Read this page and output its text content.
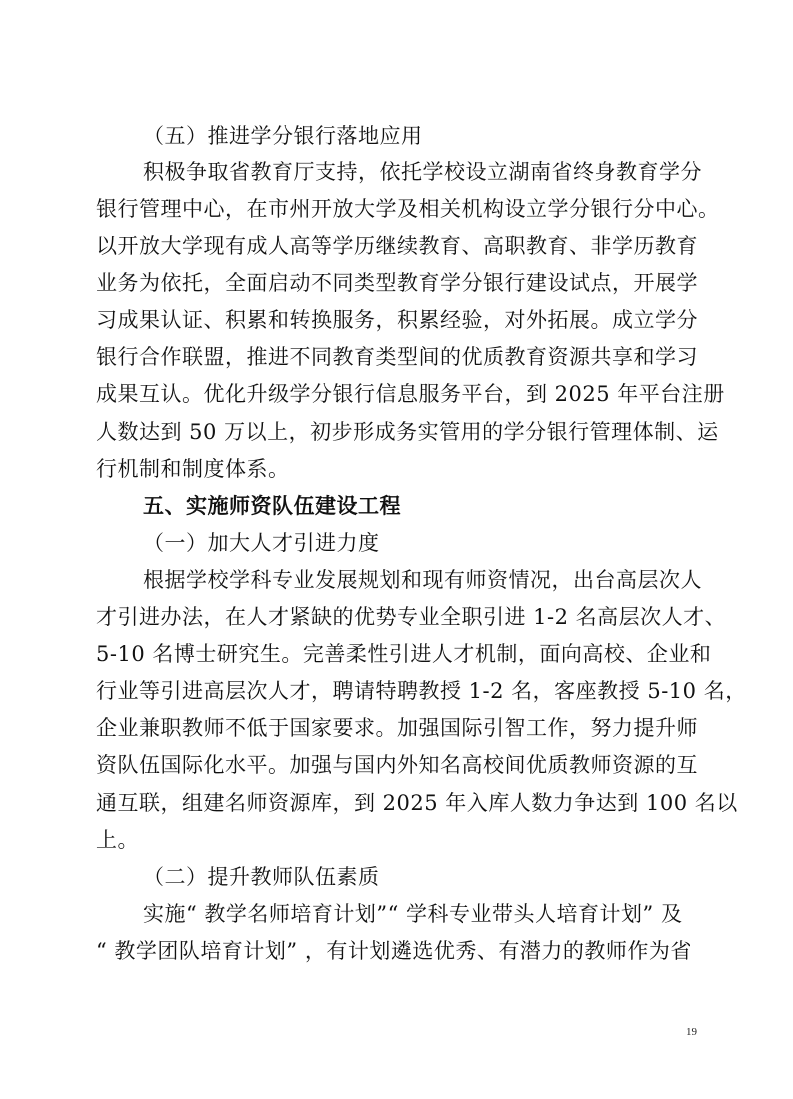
（五）推进学分银行落地应用
积极争取省教育厅支持，依托学校设立湖南省终身教育学分
银行管理中心，在市州开放大学及相关机构设立学分银行分中心。
以开放大学现有成人高等学历继续教育、高职教育、非学历教育
业务为依托，全面启动不同类型教育学分银行建设试点，开展学
习成果认证、积累和转换服务，积累经验，对外拓展。成立学分
银行合作联盟，推进不同教育类型间的优质教育资源共享和学习
成果互认。优化升级学分银行信息服务平台，到 2025 年平台注册
人数达到 50 万以上，初步形成务实管用的学分银行管理体制、运
行机制和制度体系。
五、实施师资队伍建设工程
（一）加大人才引进力度
根据学校学科专业发展规划和现有师资情况，出台高层次人
才引进办法，在人才紧缺的优势专业全职引进 1-2 名高层次人才、
5-10 名博士研究生。完善柔性引进人才机制，面向高校、企业和
行业等引进高层次人才，聘请特聘教授 1-2 名，客座教授 5-10 名，
企业兼职教师不低于国家要求。加强国际引智工作，努力提升师
资队伍国际化水平。加强与国内外知名高校间优质教师资源的互
通互联，组建名师资源库，到 2025 年入库人数力争达到 100 名以
上。
（二）提升教师队伍素质
实施“ 教学名师培育计划”“ 学科专业带头人培育计划” 及
“ 教学团队培育计划” ，有计划遴选优秀、有潜力的教师作为省
19
